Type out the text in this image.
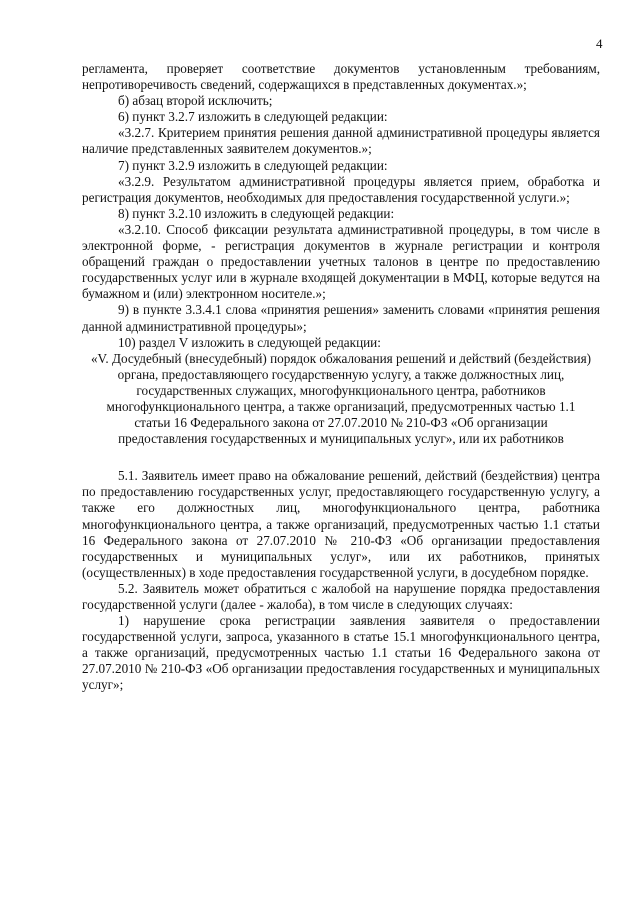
4

регламента, проверяет соответствие документов установленным требованиям, непротиворечивость сведений, содержащихся в представленных документах.»;

б) абзац второй исключить;

6) пункт 3.2.7 изложить в следующей редакции:

«3.2.7. Критерием принятия решения данной административной процедуры является наличие представленных заявителем документов.»;

7) пункт 3.2.9 изложить в следующей редакции:

«3.2.9. Результатом административной процедуры является прием, обработка и регистрация документов, необходимых для предоставления государственной услуги.»;

8) пункт 3.2.10 изложить в следующей редакции:

«3.2.10. Способ фиксации результата административной процедуры, в том числе в электронной форме, - регистрация документов в журнале регистрации и контроля обращений граждан о предоставлении учетных талонов в центре по предоставлению государственных услуг или в журнале входящей документации в МФЦ, которые ведутся на бумажном и (или) электронном носителе.»;

9) в пункте 3.3.4.1 слова «принятия решения» заменить словами «принятия решения данной административной процедуры»;

10) раздел V изложить в следующей редакции:

«V. Досудебный (внесудебный) порядок обжалования решений и действий (бездействия) органа, предоставляющего государственную услугу, а также должностных лиц, государственных служащих, многофункционального центра, работников многофункционального центра, а также организаций, предусмотренных частью 1.1 статьи 16 Федерального закона от 27.07.2010 № 210-ФЗ «Об организации предоставления государственных и муниципальных услуг», или их работников

5.1. Заявитель имеет право на обжалование решений, действий (бездействия) центра по предоставлению государственных услуг, предоставляющего государственную услугу, а также его должностных лиц, многофункционального центра, работника многофункционального центра, а также организаций, предусмотренных частью 1.1 статьи 16 Федерального закона от 27.07.2010 № 210-ФЗ «Об организации предоставления государственных и муниципальных услуг», или их работников, принятых (осуществленных) в ходе предоставления государственной услуги, в досудебном порядке.

5.2. Заявитель может обратиться с жалобой на нарушение порядка предоставления государственной услуги (далее - жалоба), в том числе в следующих случаях:

1) нарушение срока регистрации заявления заявителя о предоставлении государственной услуги, запроса, указанного в статье 15.1 многофункционального центра, а также организаций, предусмотренных частью 1.1 статьи 16 Федерального закона от 27.07.2010 № 210-ФЗ «Об организации предоставления государственных и муниципальных услуг»;
